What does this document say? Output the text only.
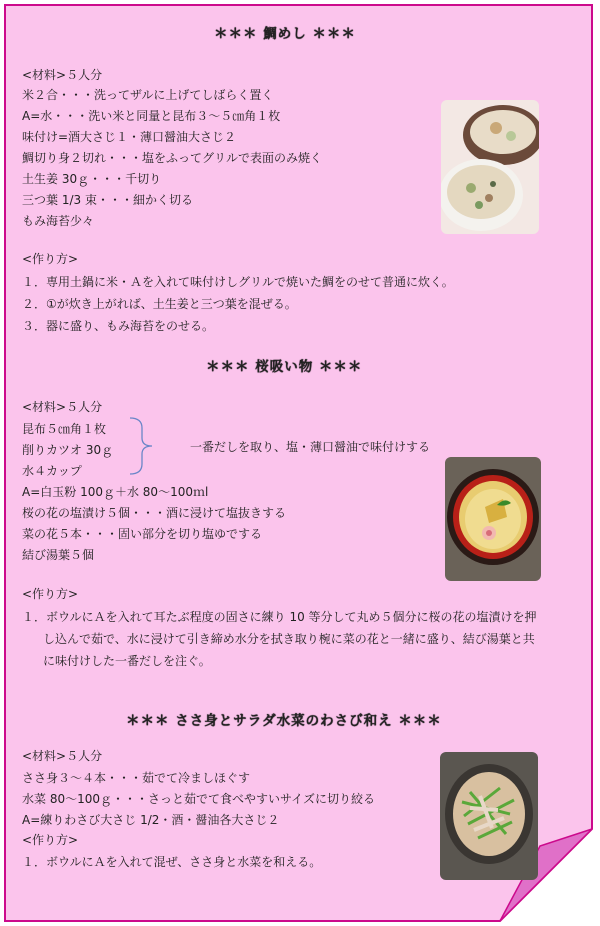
＊＊＊ 鯛めし ＊＊＊
<材料>５人分
米２合・・・洗ってザルに上げてしばらく置く
A=水・・・洗い米と同量と昆布３～５㎝角１枚
味付け=酒大さじ１・薄口醤油大さじ２
鯛切り身２切れ・・・塩をふってグリルで表面のみ焼く
土生姜 30ｇ・・・千切り
三つ葉 1/3 束・・・細かく切る
もみ海苔少々
<作り方>
１．専用土鍋に米・Ａを入れて味付けしグリルで焼いた鯛をのせて普通に炊く。
２．①が炊き上がれば、土生姜と三つ葉を混ぜる。
３．器に盛り、もみ海苔をのせる。
＊＊＊ 桜吸い物 ＊＊＊
<材料>５人分
昆布５㎝角１枚
削りカツオ 30ｇ
水４カップ
一番だしを取り、塩・薄口醤油で味付けする
A=白玉粉 100ｇ＋水 80～100ｍl
桜の花の塩漬け５個・・・酒に浸けて塩抜きする
菜の花５本・・・固い部分を切り塩ゆでする
結び湯葉５個
<作り方>
１．ボウルにＡを入れて耳たぶ程度の固さに練り 10 等分して丸め５個分に桜の花の塩漬けを押
し込んで茹で、水に浸けて引き締め水分を拭き取り椀に菜の花と一緒に盛り、結び湯葉と共
に味付けした一番だしを注ぐ。
＊＊＊ ささ身とサラダ水菜のわさび和え ＊＊＊
<材料>５人分
ささ身３～４本・・・茹でて冷ましほぐす
水菜 80～100ｇ・・・さっと茹でて食べやすいサイズに切り絞る
A=練りわさび大さじ 1/2・酒・醤油各大さじ２
<作り方>
１．ボウルにＡを入れて混ぜ、ささ身と水菜を和える。
